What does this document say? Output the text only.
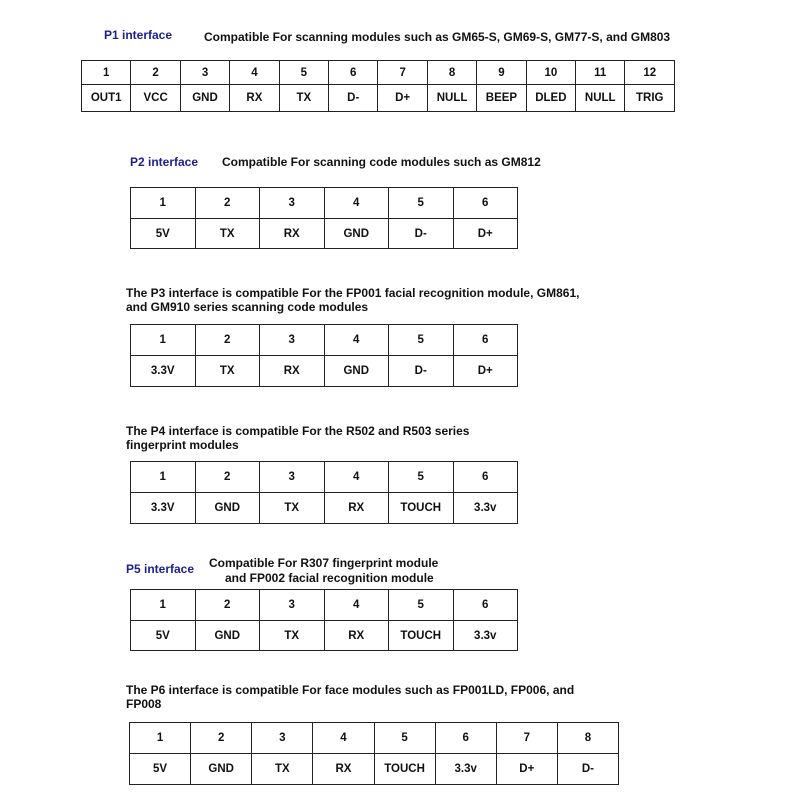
P1 interface	Compatible For scanning modules such as GM65-S, GM69-S, GM77-S, and GM803
1	2	3	4	5	6	7	8	9	10	11	12
OUT1	VCC	GND	RX	TX	D-	D+	NULL	BEEP	DLED	NULL	TRIG
P2 interface Compatible For scanning code modules such as GM812
1	2	3	4	5	6
5V	TX	RX	GND	D-	D+
The P3 interface is compatible For the FP001 facial recognition module, GM861,
and GM910 series scanning code modules
1	2	3	4	5	6
3.3V	TX	RX	GND	D-	D+
The P4 interface is compatible For the R502 and R503 series
fingerprint modules
1	2	3	4	5	6
3.3V	GND	TX	RX	TOUCH	3.3v
P5 interface Compatible For R307 fingerprint module
and FP002 facial recognition module
1	2	3	4	5	6
5V	GND	TX	RX	TOUCH	3.3v
The P6 interface is compatible For face modules such as FP001LD, FP006, and
FP008
1	2	3	4	5	6	7	8
5V	GND	TX	RX	TOUCH	3.3v	D+	D-
